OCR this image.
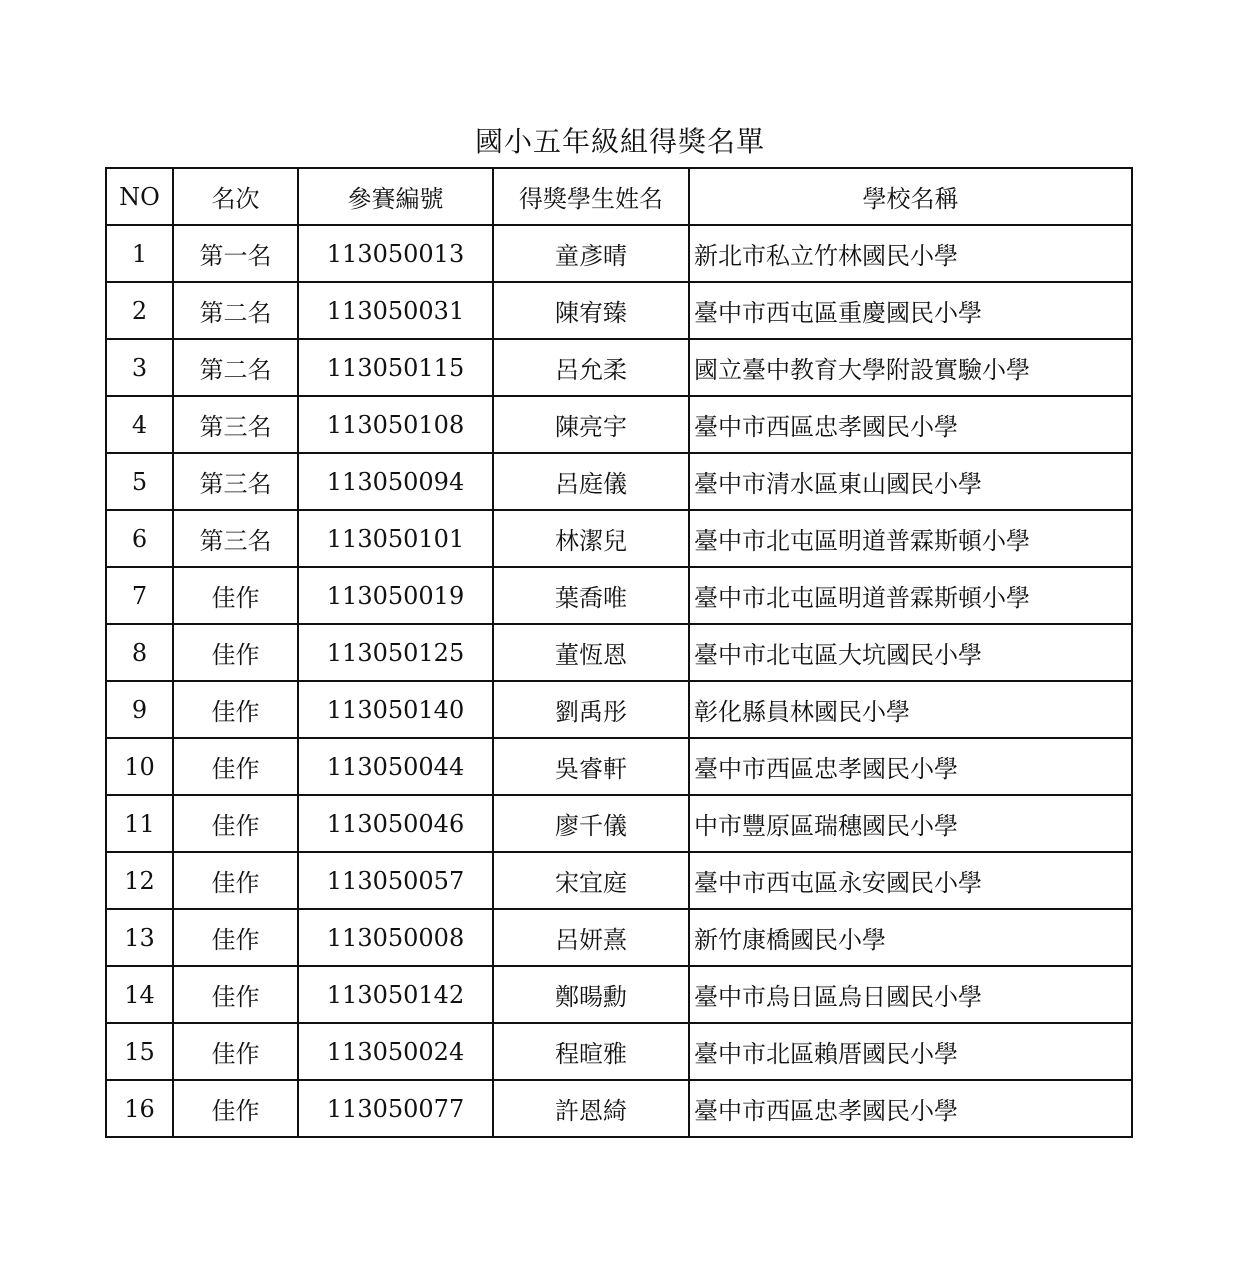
國小五年級組得獎名單
NO	名次	參賽編號	得獎學生姓名	學校名稱
1	第一名	113050013	童彥晴	新北市私立竹林國民小學
2	第二名	113050031	陳宥臻	臺中市西屯區重慶國民小學
3	第二名	113050115	呂允柔	國立臺中教育大學附設實驗小學
4	第三名	113050108	陳亮宇	臺中市西區忠孝國民小學
5	第三名	113050094	呂庭儀	臺中市清水區東山國民小學
6	第三名	113050101	林潔兒	臺中市北屯區明道普霖斯頓小學
7	佳作	113050019	葉喬唯	臺中市北屯區明道普霖斯頓小學
8	佳作	113050125	董恆恩	臺中市北屯區大坑國民小學
9	佳作	113050140	劉禹彤	彰化縣員林國民小學
10	佳作	113050044	吳睿軒	臺中市西區忠孝國民小學
11	佳作	113050046	廖千儀	中市豐原區瑞穗國民小學
12	佳作	113050057	宋宜庭	臺中市西屯區永安國民小學
13	佳作	113050008	呂妍熹	新竹康橋國民小學
14	佳作	113050142	鄭暘勳	臺中市烏日區烏日國民小學
15	佳作	113050024	程暄雅	臺中市北區賴厝國民小學
16	佳作	113050077	許恩綺	臺中市西區忠孝國民小學
